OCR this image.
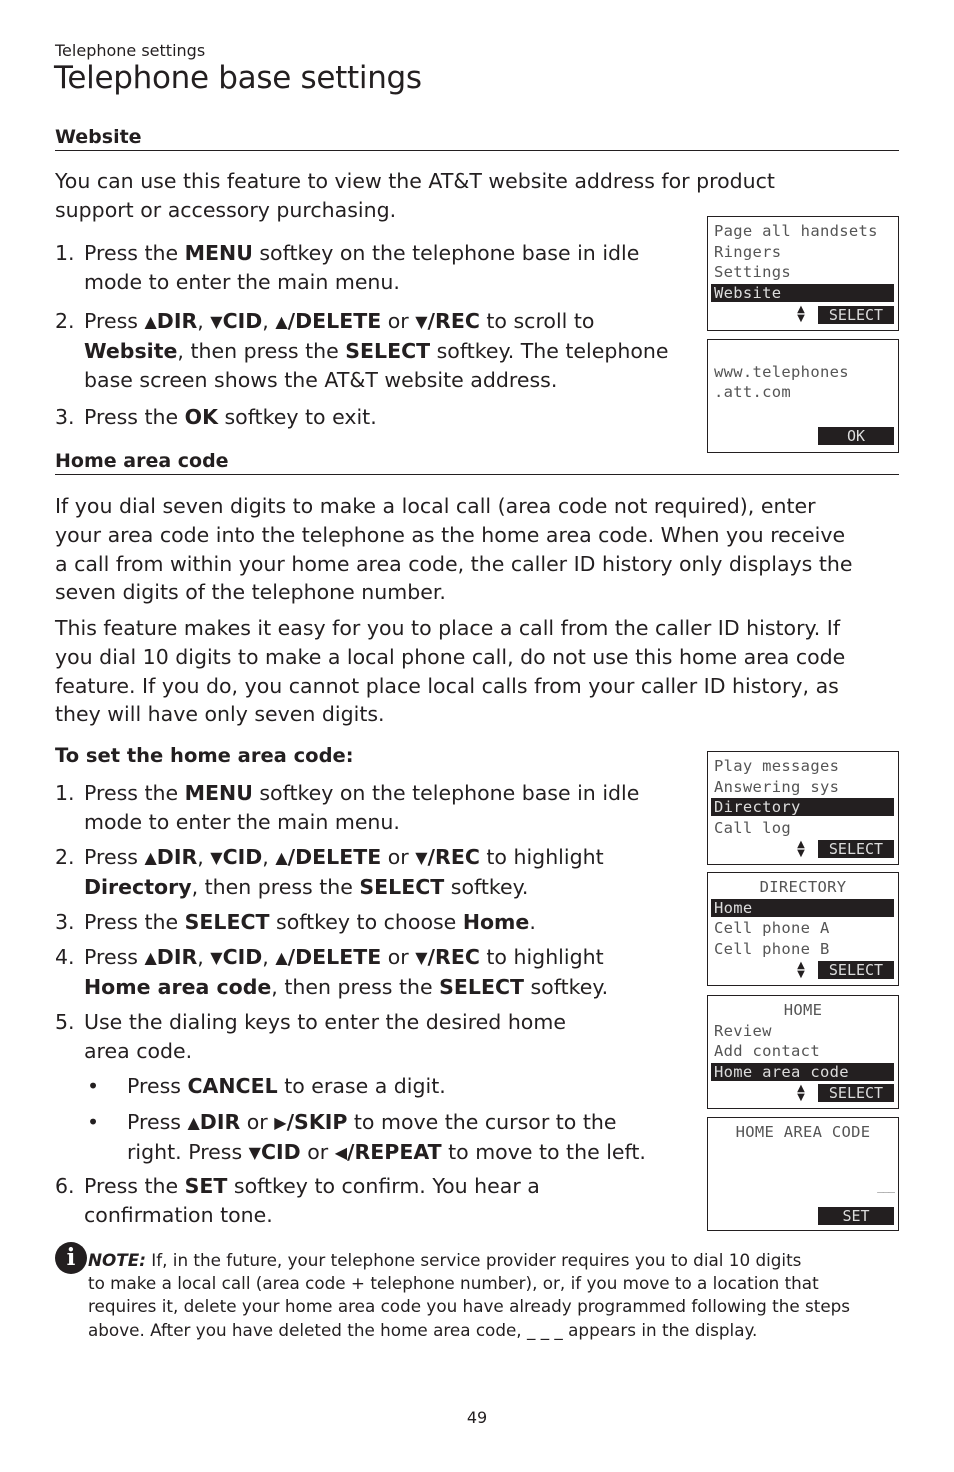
Telephone settings
Telephone base settings
Website
You can use this feature to view the AT&T website address for product
support or accessory purchasing.
1. Press the MENU softkey on the telephone base in idle
mode to enter the main menu.
2. Press ▲DIR, ▼CID, ▲/DELETE or ▼/REC to scroll to
Website, then press the SELECT softkey. The telephone
base screen shows the AT&T website address.
3. Press the OK softkey to exit.
Page all handsets
Ringers
Settings
Website
▲
▼	SELECT
www.telephones
.att.com
OK
Home area code
If you dial seven digits to make a local call (area code not required), enter
your area code into the telephone as the home area code. When you receive
a call from within your home area code, the caller ID history only displays the
seven digits of the telephone number.
This feature makes it easy for you to place a call from the caller ID history. If
you dial 10 digits to make a local phone call, do not use this home area code
feature. If you do, you cannot place local calls from your caller ID history, as
they will have only seven digits.
To set the home area code:
1. Press the MENU softkey on the telephone base in idle
mode to enter the main menu.
2. Press ▲DIR, ▼CID, ▲/DELETE or ▼/REC to highlight
Directory, then press the SELECT softkey.
3. Press the SELECT softkey to choose Home.
4. Press ▲DIR, ▼CID, ▲/DELETE or ▼/REC to highlight
Home area code, then press the SELECT softkey.
5. Use the dialing keys to enter the desired home
area code.
• Press CANCEL to erase a digit.
• Press ▲DIR or ▶/SKIP to move the cursor to the
right. Press ▼CID or ◀/REPEAT to move to the left.
6. Press the SET softkey to confirm. You hear a
confirmation tone.
Play messages
Answering sys
Directory
Call log
▲
▼	SELECT
DIRECTORY
Home
Cell phone A
Cell phone B
▲
▼	SELECT
HOME
Review
Add contact
Home area code
▲
▼	SELECT
HOME AREA CODE
___
SET
i NOTE: If, in the future, your telephone service provider requires you to dial 10 digits
to make a local call (area code + telephone number), or, if you move to a location that
requires it, delete your home area code you have already programmed following the steps
above. After you have deleted the home area code, _ _ _ appears in the display.
49
